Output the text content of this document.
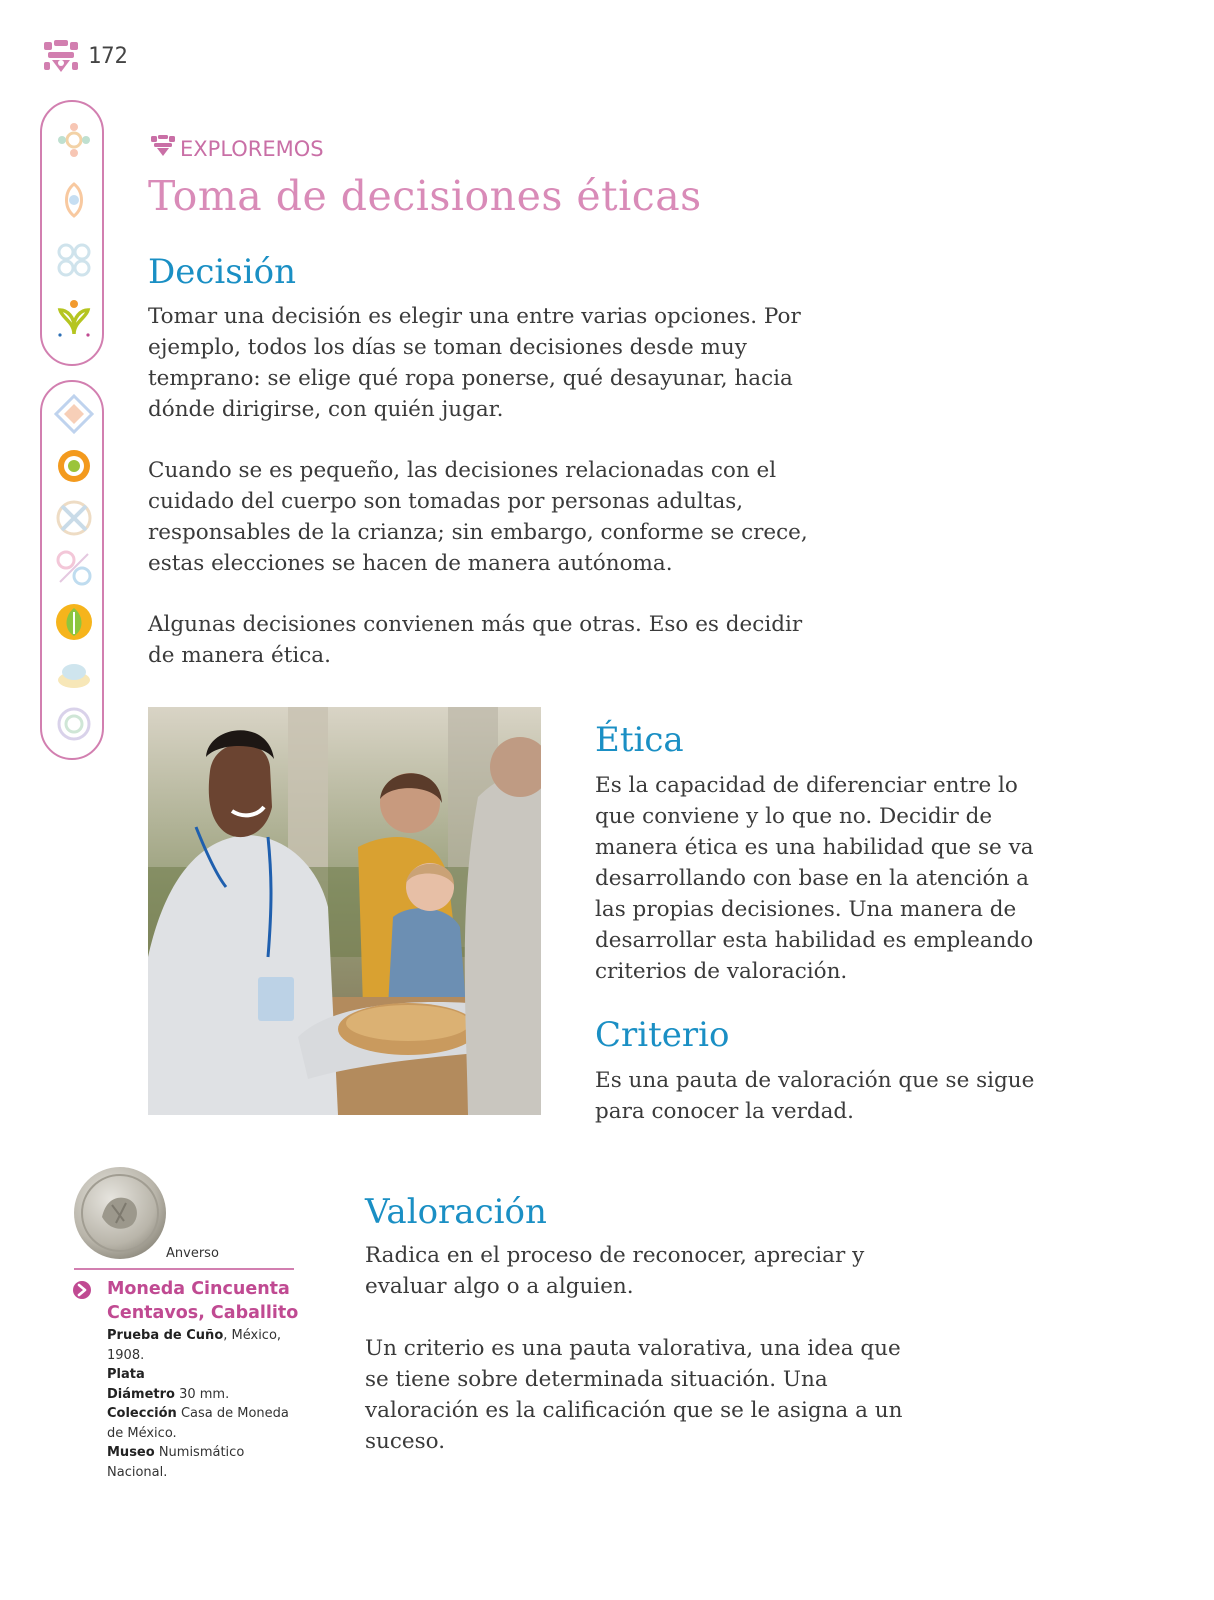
172
EXPLOREMOS
Toma de decisiones éticas
Decisión

Tomar una decisión es elegir una entre varias opciones. Por ejemplo, todos los días se toman decisiones desde muy temprano: se elige qué ropa ponerse, qué desayunar, hacia dónde dirigirse, con quién jugar.

Cuando se es pequeño, las decisiones relacionadas con el cuidado del cuerpo son tomadas por personas adultas, responsables de la crianza; sin embargo, conforme se crece, estas elecciones se hacen de manera autónoma.

Algunas decisiones convienen más que otras. Eso es decidir de manera ética.

Ética

Es la capacidad de diferenciar entre lo que conviene y lo que no. Decidir de manera ética es una habilidad que se va desarrollando con base en la atención a las propias decisiones. Una manera de desarrollar esta habilidad es empleando criterios de valoración.

Criterio

Es una pauta de valoración que se sigue para conocer la verdad.

Valoración

Radica en el proceso de reconocer, apreciar y evaluar algo o a alguien.

Un criterio es una pauta valorativa, una idea que se tiene sobre determinada situación. Una valoración es la calificación que se le asigna a un suceso.

Anverso
Moneda Cincuenta Centavos, Caballito
Prueba de Cuño, México, 1908.
Plata
Diámetro 30 mm.
Colección Casa de Moneda de México.
Museo Numismático Nacional.
